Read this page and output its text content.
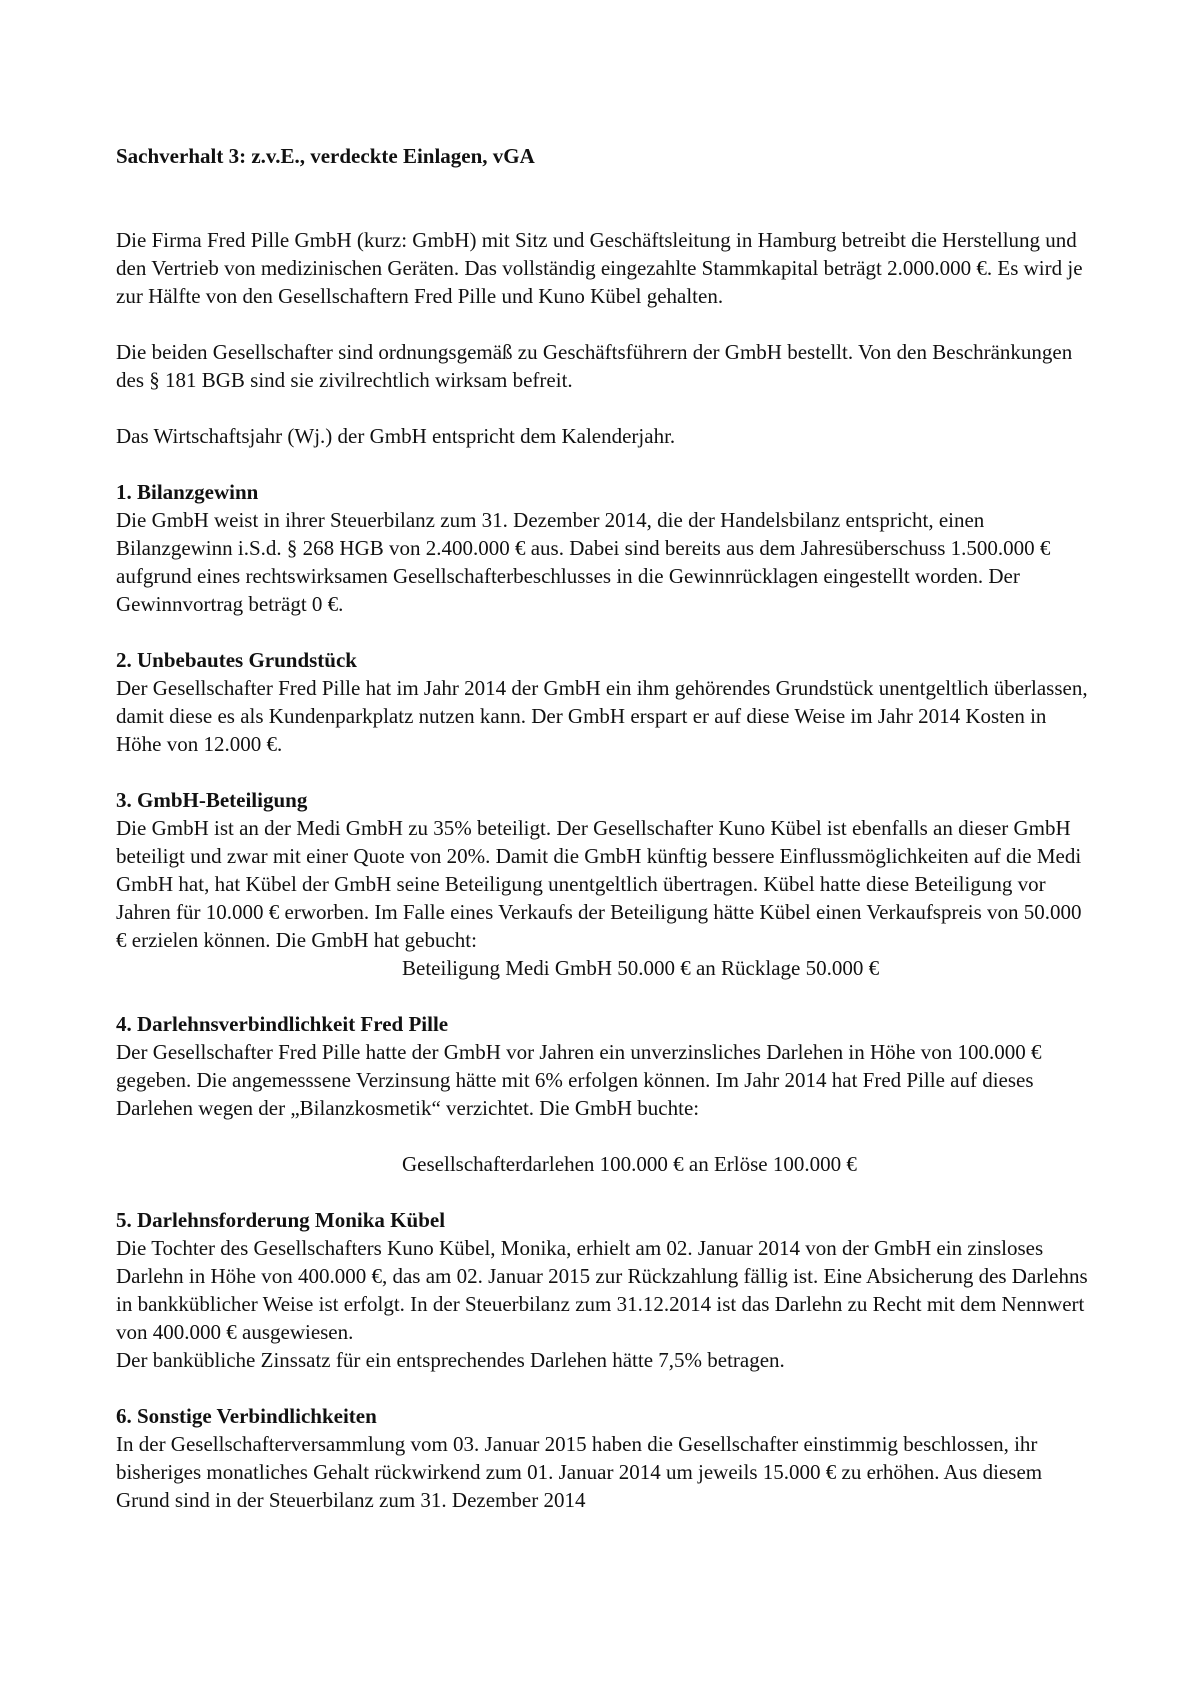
Sachverhalt 3: z.v.E., verdeckte Einlagen, vGA

Die Firma Fred Pille GmbH (kurz: GmbH) mit Sitz und Geschäftsleitung in Hamburg betreibt die Herstellung und den Vertrieb von medizinischen Geräten. Das vollständig eingezahlte Stammkapital beträgt 2.000.000 €. Es wird je zur Hälfte von den Gesellschaftern Fred Pille und Kuno Kübel gehalten.

Die beiden Gesellschafter sind ordnungsgemäß zu Geschäftsführern der GmbH bestellt. Von den Beschränkungen des § 181 BGB sind sie zivilrechtlich wirksam befreit.

Das Wirtschaftsjahr (Wj.) der GmbH entspricht dem Kalenderjahr.

1. Bilanzgewinn

Die GmbH weist in ihrer Steuerbilanz zum 31. Dezember 2014, die der Handelsbilanz entspricht, einen Bilanzgewinn i.S.d. § 268 HGB von 2.400.000 € aus. Dabei sind bereits aus dem Jahresüberschuss 1.500.000 € aufgrund eines rechtswirksamen Gesellschafterbeschlusses in die Gewinnrücklagen eingestellt worden. Der Gewinnvortrag beträgt 0 €.

2. Unbebautes Grundstück

Der Gesellschafter Fred Pille hat im Jahr 2014 der GmbH ein ihm gehörendes Grundstück unentgeltlich überlassen, damit diese es als Kundenparkplatz nutzen kann. Der GmbH erspart er auf diese Weise im Jahr 2014 Kosten in Höhe von 12.000 €.

3. GmbH-Beteiligung

Die GmbH ist an der Medi GmbH zu 35% beteiligt. Der Gesellschafter Kuno Kübel ist ebenfalls an dieser GmbH beteiligt und zwar mit einer Quote von 20%. Damit die GmbH künftig bessere Einflussmöglichkeiten auf die Medi GmbH hat, hat Kübel der GmbH seine Beteiligung unentgeltlich übertragen. Kübel hatte diese Beteiligung vor Jahren für 10.000 € erworben. Im Falle eines Verkaufs der Beteiligung hätte Kübel einen Verkaufspreis von 50.000 € erzielen können. Die GmbH hat gebucht:

Beteiligung Medi GmbH 50.000 € an Rücklage 50.000 €
4. Darlehnsverbindlichkeit Fred Pille

Der Gesellschafter Fred Pille hatte der GmbH vor Jahren ein unverzinsliches Darlehen in Höhe von 100.000 € gegeben. Die angemesssene Verzinsung hätte mit 6% erfolgen können. Im Jahr 2014 hat Fred Pille auf dieses Darlehen wegen der „Bilanzkosmetik“ verzichtet. Die GmbH buchte:

Gesellschafterdarlehen 100.000 € an Erlöse 100.000 €
5. Darlehnsforderung Monika Kübel

Die Tochter des Gesellschafters Kuno Kübel, Monika, erhielt am 02. Januar 2014 von der GmbH ein zinsloses Darlehn in Höhe von 400.000 €, das am 02. Januar 2015 zur Rückzahlung fällig ist. Eine Absicherung des Darlehns in bankküblicher Weise ist erfolgt. In der Steuerbilanz zum 31.12.2014 ist das Darlehn zu Recht mit dem Nennwert von 400.000 € ausgewiesen.

Der bankübliche Zinssatz für ein entsprechendes Darlehen hätte 7,5% betragen.

6. Sonstige Verbindlichkeiten

In der Gesellschafterversammlung vom 03. Januar 2015 haben die Gesellschafter einstimmig beschlossen, ihr bisheriges monatliches Gehalt rückwirkend zum 01. Januar 2014 um jeweils 15.000 € zu erhöhen. Aus diesem Grund sind in der Steuerbilanz zum 31. Dezember 2014
